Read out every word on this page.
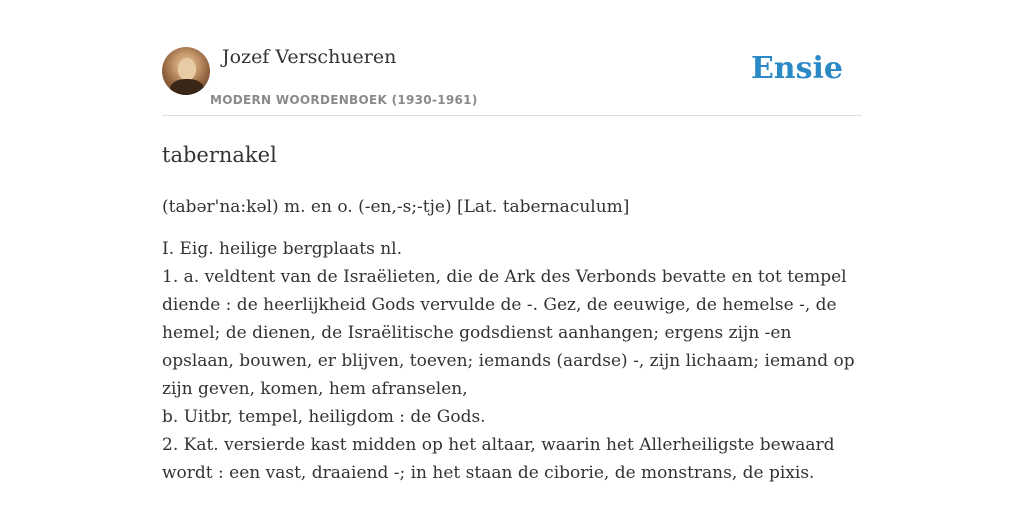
Jozef Verschueren
MODERN WOORDENBOEK (1930-1961)
Ensie
tabernakel

(tabər'na:kəl) m. en o. (-en,-s;-tje) [Lat. tabernaculum]

I. Eig. heilige bergplaats nl.
1. a. veldtent van de Israëlieten, die de Ark des Verbonds bevatte en tot tempel diende : de heerlijkheid Gods vervulde de -. Gez, de eeuwige, de hemelse -, de hemel; de dienen, de Israëlitische godsdienst aanhangen; ergens zijn -en opslaan, bouwen, er blijven, toeven; iemands (aardse) -, zijn lichaam; iemand op zijn geven, komen, hem afranselen,
b. Uitbr, tempel, heiligdom : de Gods.
2. Kat. versierde kast midden op het altaar, waarin het Allerheiligste bewaard wordt : een vast, draaiend -; in het staan de ciborie, de monstrans, de pixis.
